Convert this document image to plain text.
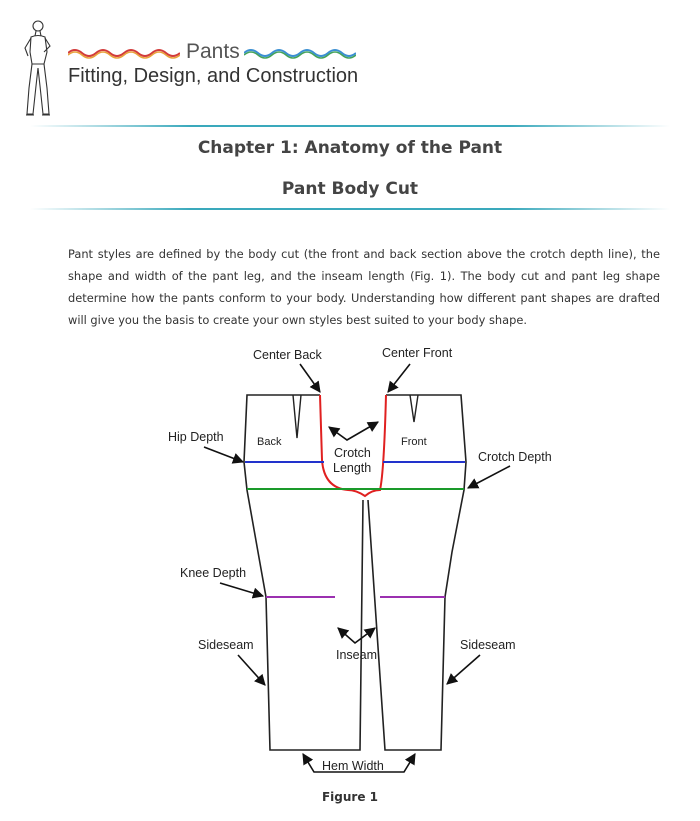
Pants
Fitting, Design, and Construction
Chapter 1: Anatomy of the Pant
Pant Body Cut
Pant styles are defined by the body cut (the front and back section above the crotch depth line), the shape and width of the pant leg, and the inseam length (Fig. 1). The body cut and pant leg shape determine how the pants conform to your body. Understanding how different pant shapes are drafted will give you the basis to create your own styles best suited to your body shape.
Center Back	Center Front
Hip Depth	Back	Front
Crotch
Length
Crotch Depth
Knee Depth
Sideseam	Sideseam
Inseam
Hem Width
Figure 1
